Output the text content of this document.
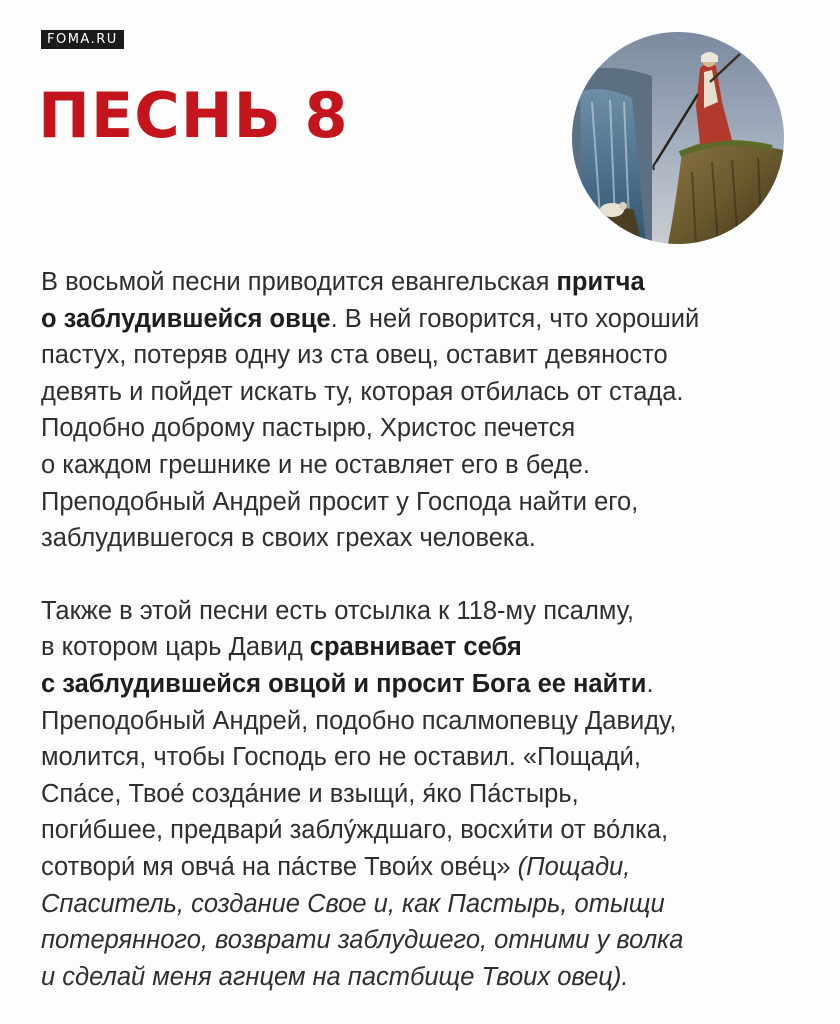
FOMA.RU
ПЕСНЬ 8

В восьмой песни приводится евангельская притча
о заблудившейся овце. В ней говорится, что хороший
пастух, потеряв одну из ста овец, оставит девяносто
девять и пойдет искать ту, которая отбилась от стада.
Подобно доброму пастырю, Христос печется
о каждом грешнике и не оставляет его в беде.
Преподобный Андрей просит у Господа найти его,
заблудившегося в своих грехах человека.

Также в этой песни есть отсылка к 118-му псалму,
в котором царь Давид сравнивает себя
с заблудившейся овцой и просит Бога ее найти.
Преподобный Андрей, подобно псалмопевцу Давиду,
молится, чтобы Господь его не оставил. «Пощади́,
Спа́се, Твое́ созда́ние и взыщи́, я́ко Па́стырь,
поги́бшее, предвари́ заблу́ждшаго, восхи́ти от во́лка,
сотвори́ мя овча́ на па́стве Твои́х ове́ц» (Пощади,
Спаситель, создание Свое и, как Пастырь, отыщи
потерянного, возврати заблудшего, отними у волка
и сделай меня агнцем на пастбище Твоих овец).
